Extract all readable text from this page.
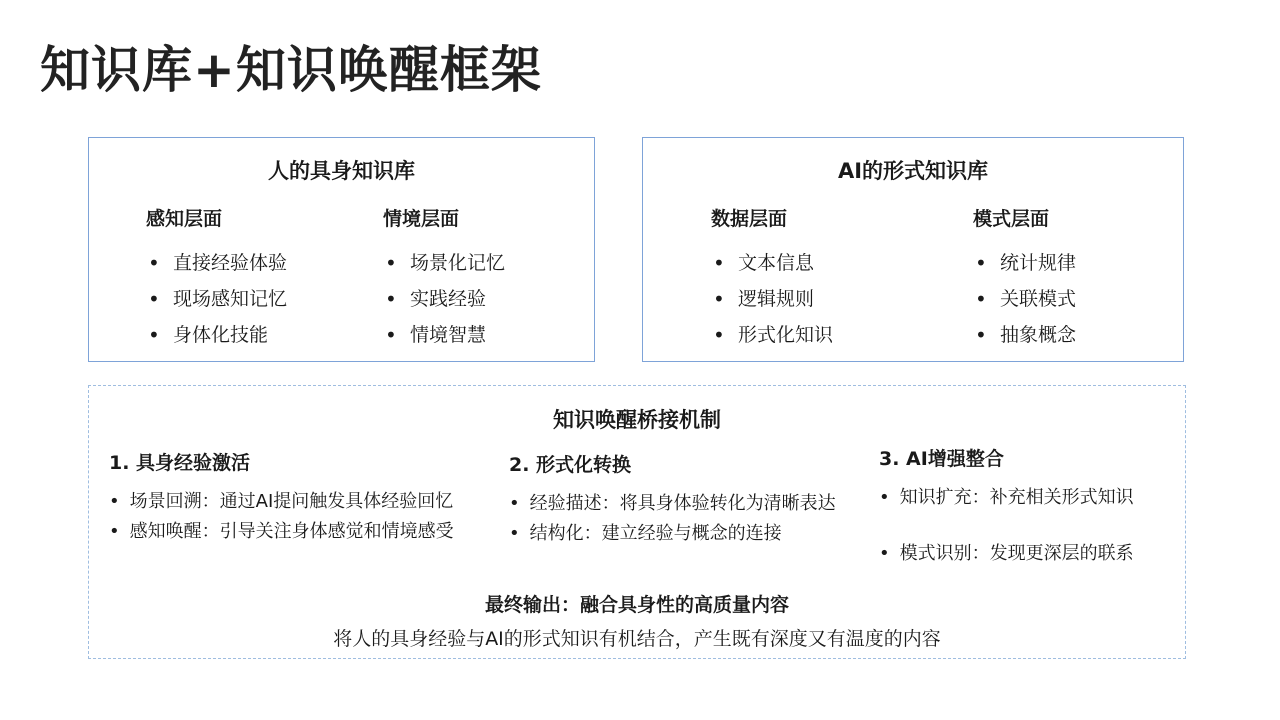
知识库+知识唤醒框架
人的具身知识库
感知层面
• 直接经验体验
• 现场感知记忆
• 身体化技能
情境层面
• 场景化记忆
• 实践经验
• 情境智慧
AI的形式知识库
数据层面
• 文本信息
• 逻辑规则
• 形式化知识
模式层面
• 统计规律
• 关联模式
• 抽象概念
知识唤醒桥接机制
1. 具身经验激活
• 场景回溯：通过AI提问触发具体经验回忆
• 感知唤醒：引导关注身体感觉和情境感受
2. 形式化转换
• 经验描述：将具身体验转化为清晰表达
• 结构化：建立经验与概念的连接
3. AI增强整合
• 知识扩充：补充相关形式知识
• 模式识别：发现更深层的联系
最终输出：融合具身性的高质量内容
将人的具身经验与AI的形式知识有机结合，产生既有深度又有温度的内容
